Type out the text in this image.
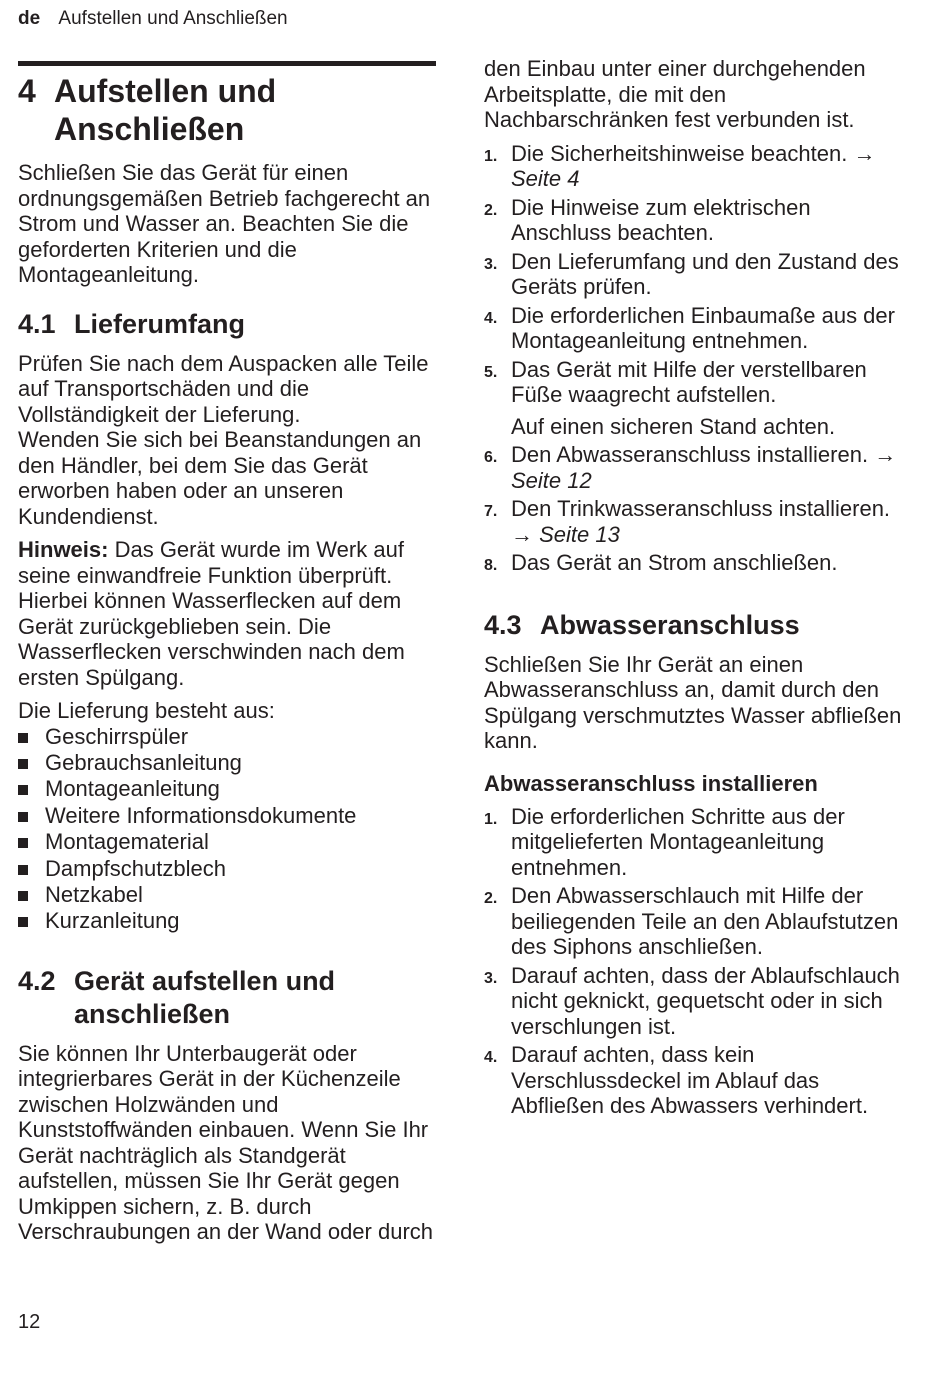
de Aufstellen und Anschließen
4 Aufstellen und Anschließen

Schließen Sie das Gerät für einen ordnungsgemäßen Betrieb fachgerecht an Strom und Wasser an. Beachten Sie die geforderten Kriterien und die Montageanleitung.

4.1 Lieferumfang

Prüfen Sie nach dem Auspacken alle Teile auf Transportschäden und die Vollständigkeit der Lieferung.

Wenden Sie sich bei Beanstandungen an den Händler, bei dem Sie das Gerät erworben haben oder an unseren Kundendienst.

Hinweis: Das Gerät wurde im Werk auf seine einwandfreie Funktion überprüft. Hierbei können Wasserflecken auf dem Gerät zurückgeblieben sein. Die Wasserflecken verschwinden nach dem ersten Spülgang.

Die Lieferung besteht aus:

Geschirrspüler
Gebrauchsanleitung
Montageanleitung
Weitere Informationsdokumente
Montagematerial
Dampfschutzblech
Netzkabel
Kurzanleitung
4.2 Gerät aufstellen und anschließen

Sie können Ihr Unterbaugerät oder integrierbares Gerät in der Küchenzeile zwischen Holzwänden und Kunststoffwänden einbauen. Wenn Sie Ihr Gerät nachträglich als Standgerät aufstellen, müssen Sie Ihr Gerät gegen Umkippen sichern, z. B. durch Verschraubungen an der Wand oder durch

den Einbau unter einer durchgehenden Arbeitsplatte, die mit den Nachbarschränken fest verbunden ist.

1. Die Sicherheitshinweise beachten. → Seite 4

2. Die Hinweise zum elektrischen Anschluss beachten.

3. Den Lieferumfang und den Zustand des Geräts prüfen.

4. Die erforderlichen Einbaumaße aus der Montageanleitung entnehmen.

5. Das Gerät mit Hilfe der verstellbaren Füße waagrecht aufstellen.

Auf einen sicheren Stand achten.

6. Den Abwasseranschluss installieren. → Seite 12

7. Den Trinkwasseranschluss installieren. → Seite 13

8. Das Gerät an Strom anschließen.

4.3 Abwasseranschluss

Schließen Sie Ihr Gerät an einen Abwasseranschluss an, damit durch den Spülgang verschmutztes Wasser abfließen kann.

Abwasseranschluss installieren
1. Die erforderlichen Schritte aus der mitgelieferten Montageanleitung entnehmen.

2. Den Abwasserschlauch mit Hilfe der beiliegenden Teile an den Ablaufstutzen des Siphons anschließen.

3. Darauf achten, dass der Ablaufschlauch nicht geknickt, gequetscht oder in sich verschlungen ist.

4. Darauf achten, dass kein Verschlussdeckel im Ablauf das Abfließen des Abwassers verhindert.

12
